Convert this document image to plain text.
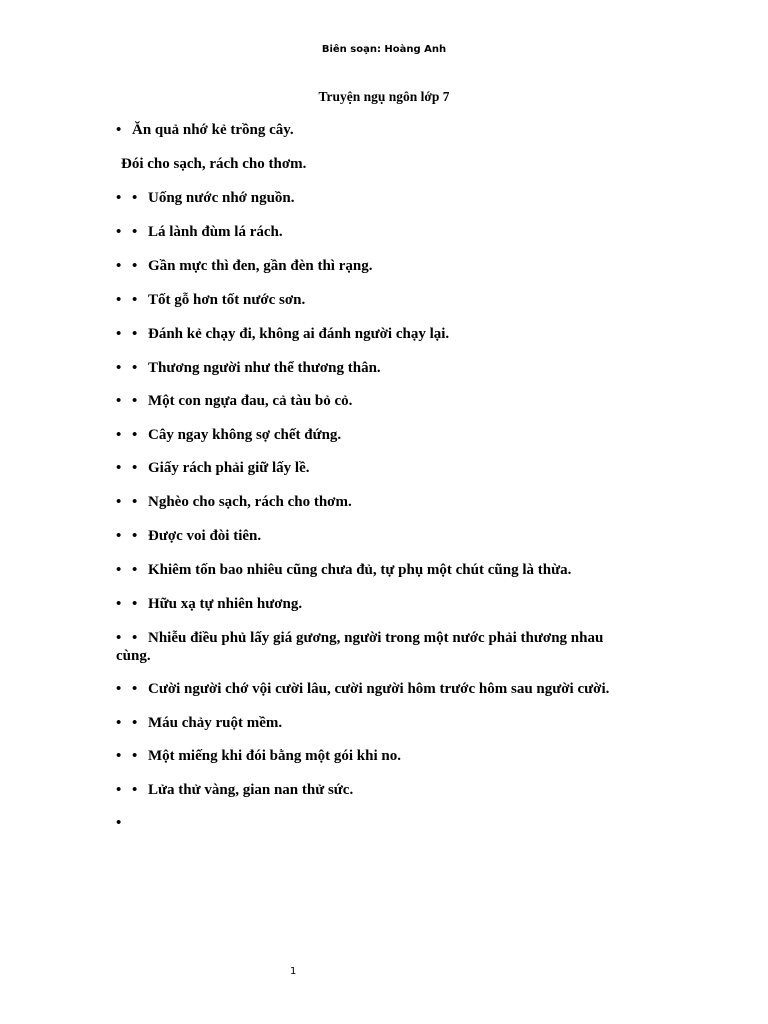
Biên soạn: Hoàng Anh
Truyện ngụ ngôn lớp 7
• Ăn quả nhớ kẻ trồng cây.
Đói cho sạch, rách cho thơm.
• • Uống nước nhớ nguồn.
• • Lá lành đùm lá rách.
• • Gần mực thì đen, gần đèn thì rạng.
• • Tốt gỗ hơn tốt nước sơn.
• • Đánh kẻ chạy đi, không ai đánh người chạy lại.
• • Thương người như thể thương thân.
• • Một con ngựa đau, cả tàu bỏ cỏ.
• • Cây ngay không sợ chết đứng.
• • Giấy rách phải giữ lấy lề.
• • Nghèo cho sạch, rách cho thơm.
• • Được voi đòi tiên.
• • Khiêm tốn bao nhiêu cũng chưa đủ, tự phụ một chút cũng là thừa.
• • Hữu xạ tự nhiên hương.
• • Nhiễu điều phủ lấy giá gương, người trong một nước phải thương nhau cùng.
• • Cười người chớ vội cười lâu, cười người hôm trước hôm sau người cười.
• • Máu chảy ruột mềm.
• • Một miếng khi đói bằng một gói khi no.
• • Lửa thử vàng, gian nan thử sức.
•
1
